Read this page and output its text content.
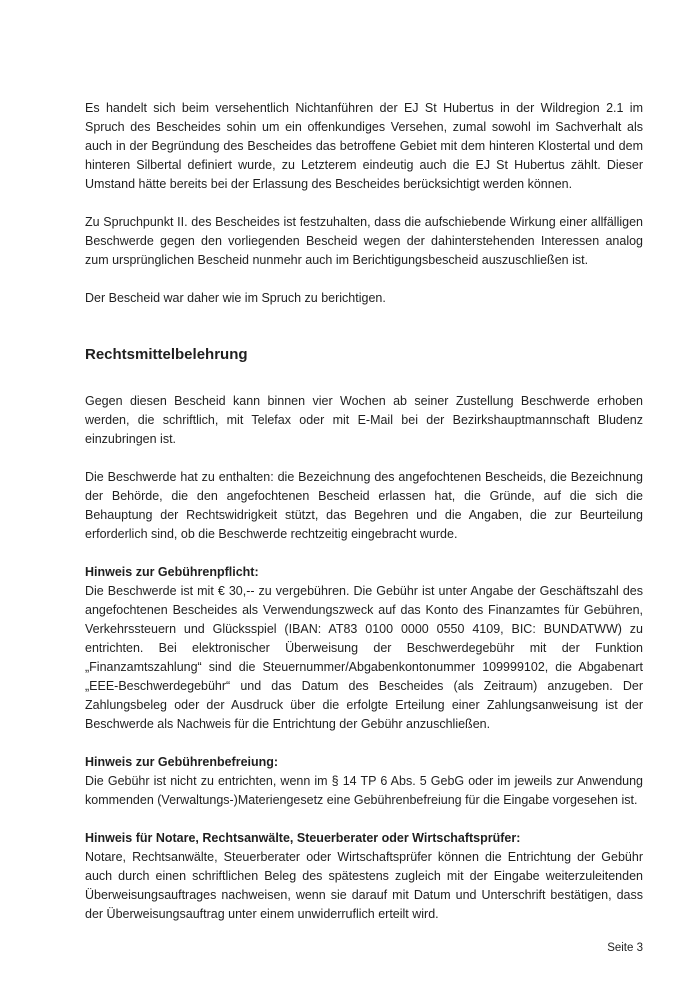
Es handelt sich beim versehentlich Nichtanführen der EJ St Hubertus in der Wildregion 2.1 im Spruch des Bescheides sohin um ein offenkundiges Versehen, zumal sowohl im Sachverhalt als auch in der Begründung des Bescheides das betroffene Gebiet mit dem hinteren Klostertal und dem hinteren Silbertal definiert wurde, zu Letzterem eindeutig auch die EJ St Hubertus zählt. Dieser Umstand hätte bereits bei der Erlassung des Bescheides berücksichtigt werden können.

Zu Spruchpunkt II. des Bescheides ist festzuhalten, dass die aufschiebende Wirkung einer allfälligen Beschwerde gegen den vorliegenden Bescheid wegen der dahinterstehenden Interessen analog zum ursprünglichen Bescheid nunmehr auch im Berichtigungsbescheid auszuschließen ist.

Der Bescheid war daher wie im Spruch zu berichtigen.

Rechtsmittelbelehrung

Gegen diesen Bescheid kann binnen vier Wochen ab seiner Zustellung Beschwerde erhoben werden, die schriftlich, mit Telefax oder mit E-Mail bei der Bezirkshauptmannschaft Bludenz einzubringen ist.

Die Beschwerde hat zu enthalten: die Bezeichnung des angefochtenen Bescheids, die Bezeichnung der Behörde, die den angefochtenen Bescheid erlassen hat, die Gründe, auf die sich die Behauptung der Rechtswidrigkeit stützt, das Begehren und die Angaben, die zur Beurteilung erforderlich sind, ob die Beschwerde rechtzeitig eingebracht wurde.

Hinweis zur Gebührenpflicht:

Die Beschwerde ist mit € 30,-- zu vergebühren. Die Gebühr ist unter Angabe der Geschäftszahl des angefochtenen Bescheides als Verwendungszweck auf das Konto des Finanzamtes für Gebühren, Verkehrssteuern und Glücksspiel (IBAN: AT83 0100 0000 0550 4109, BIC: BUNDATWW) zu entrichten. Bei elektronischer Überweisung der Beschwerdegebühr mit der Funktion „Finanzamtszahlung“ sind die Steuernummer/Abgabenkontonummer 109999102, die Abgabenart „EEE-Beschwerdegebühr“ und das Datum des Bescheides (als Zeitraum) anzugeben. Der Zahlungsbeleg oder der Ausdruck über die erfolgte Erteilung einer Zahlungsanweisung ist der Beschwerde als Nachweis für die Entrichtung der Gebühr anzuschließen.

Hinweis zur Gebührenbefreiung:

Die Gebühr ist nicht zu entrichten, wenn im § 14 TP 6 Abs. 5 GebG oder im jeweils zur Anwendung kommenden (Verwaltungs-)Materiengesetz eine Gebührenbefreiung für die Eingabe vorgesehen ist.

Hinweis für Notare, Rechtsanwälte, Steuerberater oder Wirtschaftsprüfer:

Notare, Rechtsanwälte, Steuerberater oder Wirtschaftsprüfer können die Entrichtung der Gebühr auch durch einen schriftlichen Beleg des spätestens zugleich mit der Eingabe weiterzuleitenden Überweisungsauftrages nachweisen, wenn sie darauf mit Datum und Unterschrift bestätigen, dass der Überweisungsauftrag unter einem unwiderruflich erteilt wird.

Seite 3
